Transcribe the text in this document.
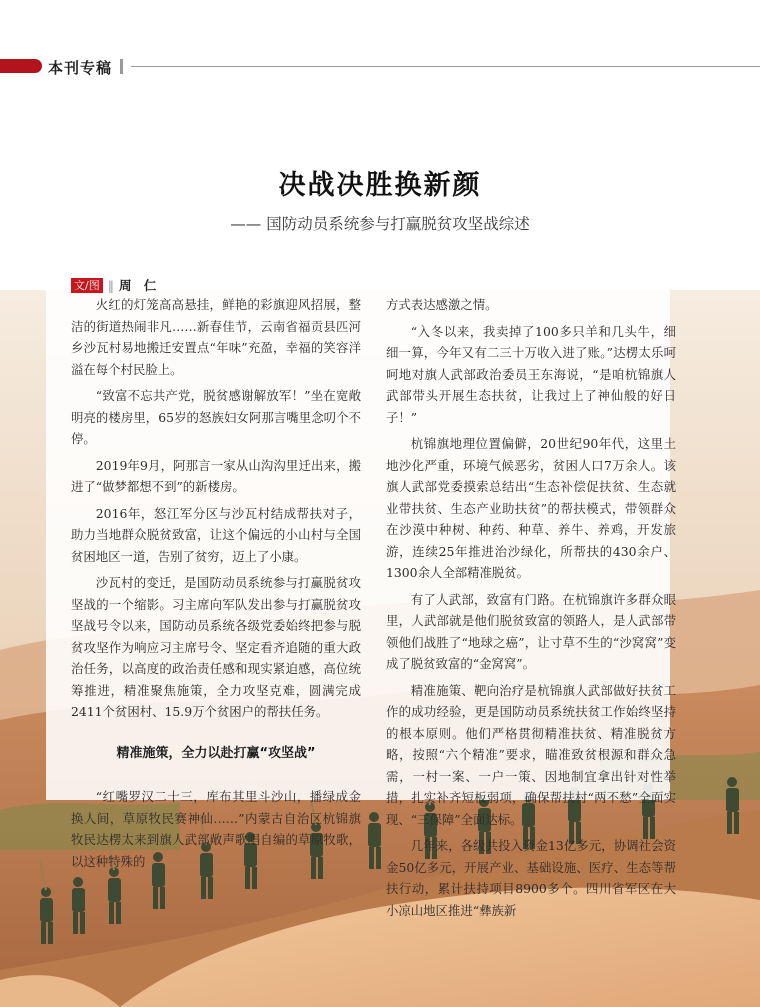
本刊专稿
决战决胜换新颜
—— 国防动员系统参与打赢脱贫攻坚战综述
文/图 ‖ 周 仁

火红的灯笼高高悬挂，鲜艳的彩旗迎风招展，整洁的街道热闹非凡……新春佳节，云南省福贡县匹河乡沙瓦村易地搬迁安置点“年味”充盈，幸福的笑容洋溢在每个村民脸上。

“致富不忘共产党，脱贫感谢解放军！”坐在宽敞明亮的楼房里，65岁的怒族妇女阿那言嘴里念叨个不停。

2019年9月，阿那言一家从山沟沟里迁出来，搬进了“做梦都想不到”的新楼房。

2016年，怒江军分区与沙瓦村结成帮扶对子，助力当地群众脱贫致富，让这个偏远的小山村与全国贫困地区一道，告别了贫穷，迈上了小康。

沙瓦村的变迁，是国防动员系统参与打赢脱贫攻坚战的一个缩影。习主席向军队发出参与打赢脱贫攻坚战号令以来，国防动员系统各级党委始终把参与脱贫攻坚作为响应习主席号令、坚定看齐追随的重大政治任务，以高度的政治责任感和现实紧迫感，高位统筹推进，精准聚焦施策，全力攻坚克难，圆满完成2411个贫困村、15.9万个贫困户的帮扶任务。

精准施策，全力以赴打赢“攻坚战”

“红嘴罗汉二十三，库布其里斗沙山，播绿成金换人间，草原牧民赛神仙……”内蒙古自治区杭锦旗牧民达楞太来到旗人武部敞声歌唱自编的草原牧歌，以这种特殊的

方式表达感激之情。

“入冬以来，我卖掉了100多只羊和几头牛，细细一算，今年又有二三十万收入进了账。”达楞太乐呵呵地对旗人武部政治委员王东海说，“是咱杭锦旗人武部带头开展生态扶贫，让我过上了神仙般的好日子！”

杭锦旗地理位置偏僻，20世纪90年代，这里土地沙化严重，环境气候恶劣，贫困人口7万余人。该旗人武部党委摸索总结出“生态补偿促扶贫、生态就业带扶贫、生态产业助扶贫”的帮扶模式，带领群众在沙漠中种树、种药、种草、养牛、养鸡，开发旅游，连续25年推进治沙绿化，所帮扶的430余户、1300余人全部精准脱贫。

有了人武部，致富有门路。在杭锦旗许多群众眼里，人武部就是他们脱贫致富的领路人，是人武部带领他们战胜了“地球之癌”，让寸草不生的“沙窝窝”变成了脱贫致富的“金窝窝”。

精准施策、靶向治疗是杭锦旗人武部做好扶贫工作的成功经验，更是国防动员系统扶贫工作始终坚持的根本原则。他们严格贯彻精准扶贫、精准脱贫方略，按照“六个精准”要求，瞄准致贫根源和群众急需，一村一案、一户一策、因地制宜拿出针对性举措，扎实补齐短板弱项，确保帮扶村“两不愁”全面实现、“三保障”全面达标。

几年来，各级共投入资金13亿多元，协调社会资金50亿多元，开展产业、基础设施、医疗、生态等帮扶行动，累计扶持项目8900多个。四川省军区在大小凉山地区推进“彝族新
